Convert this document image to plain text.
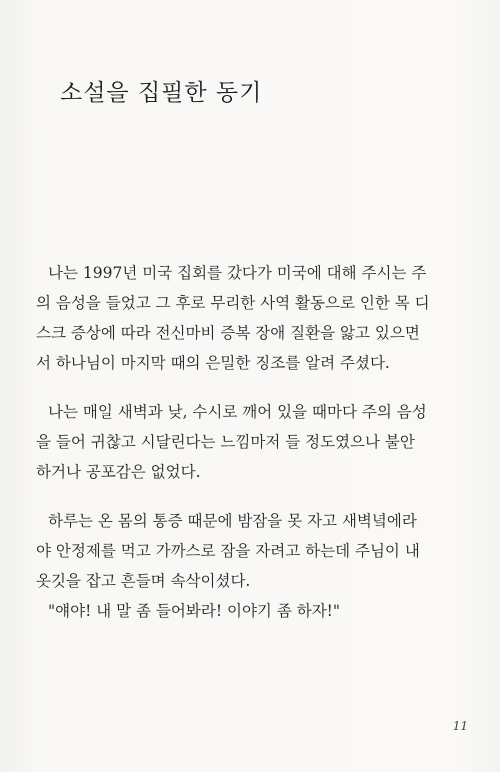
소설을 집필한 동기
나는 1997년 미국 집회를 갔다가 미국에 대해 주시는 주
의 음성을 들었고 그 후로 무리한 사역 활동으로 인한 목 디
스크 증상에 따라 전신마비 증복 장애 질환을 앓고 있으면
서 하나님이 마지막 때의 은밀한 징조를 알려 주셨다.
나는 매일 새벽과 낮, 수시로 깨어 있을 때마다 주의 음성
을 들어 귀찮고 시달린다는 느낌마저 들 정도였으나 불안
하거나 공포감은 없었다.
하루는 온 몸의 통증 때문에 밤잠을 못 자고 새벽녘에라
야 안정제를 먹고 가까스로 잠을 자려고 하는데 주님이 내
옷깃을 잡고 흔들며 속삭이셨다.
"얘야! 내 말 좀 들어봐라! 이야기 좀 하자!"
11
